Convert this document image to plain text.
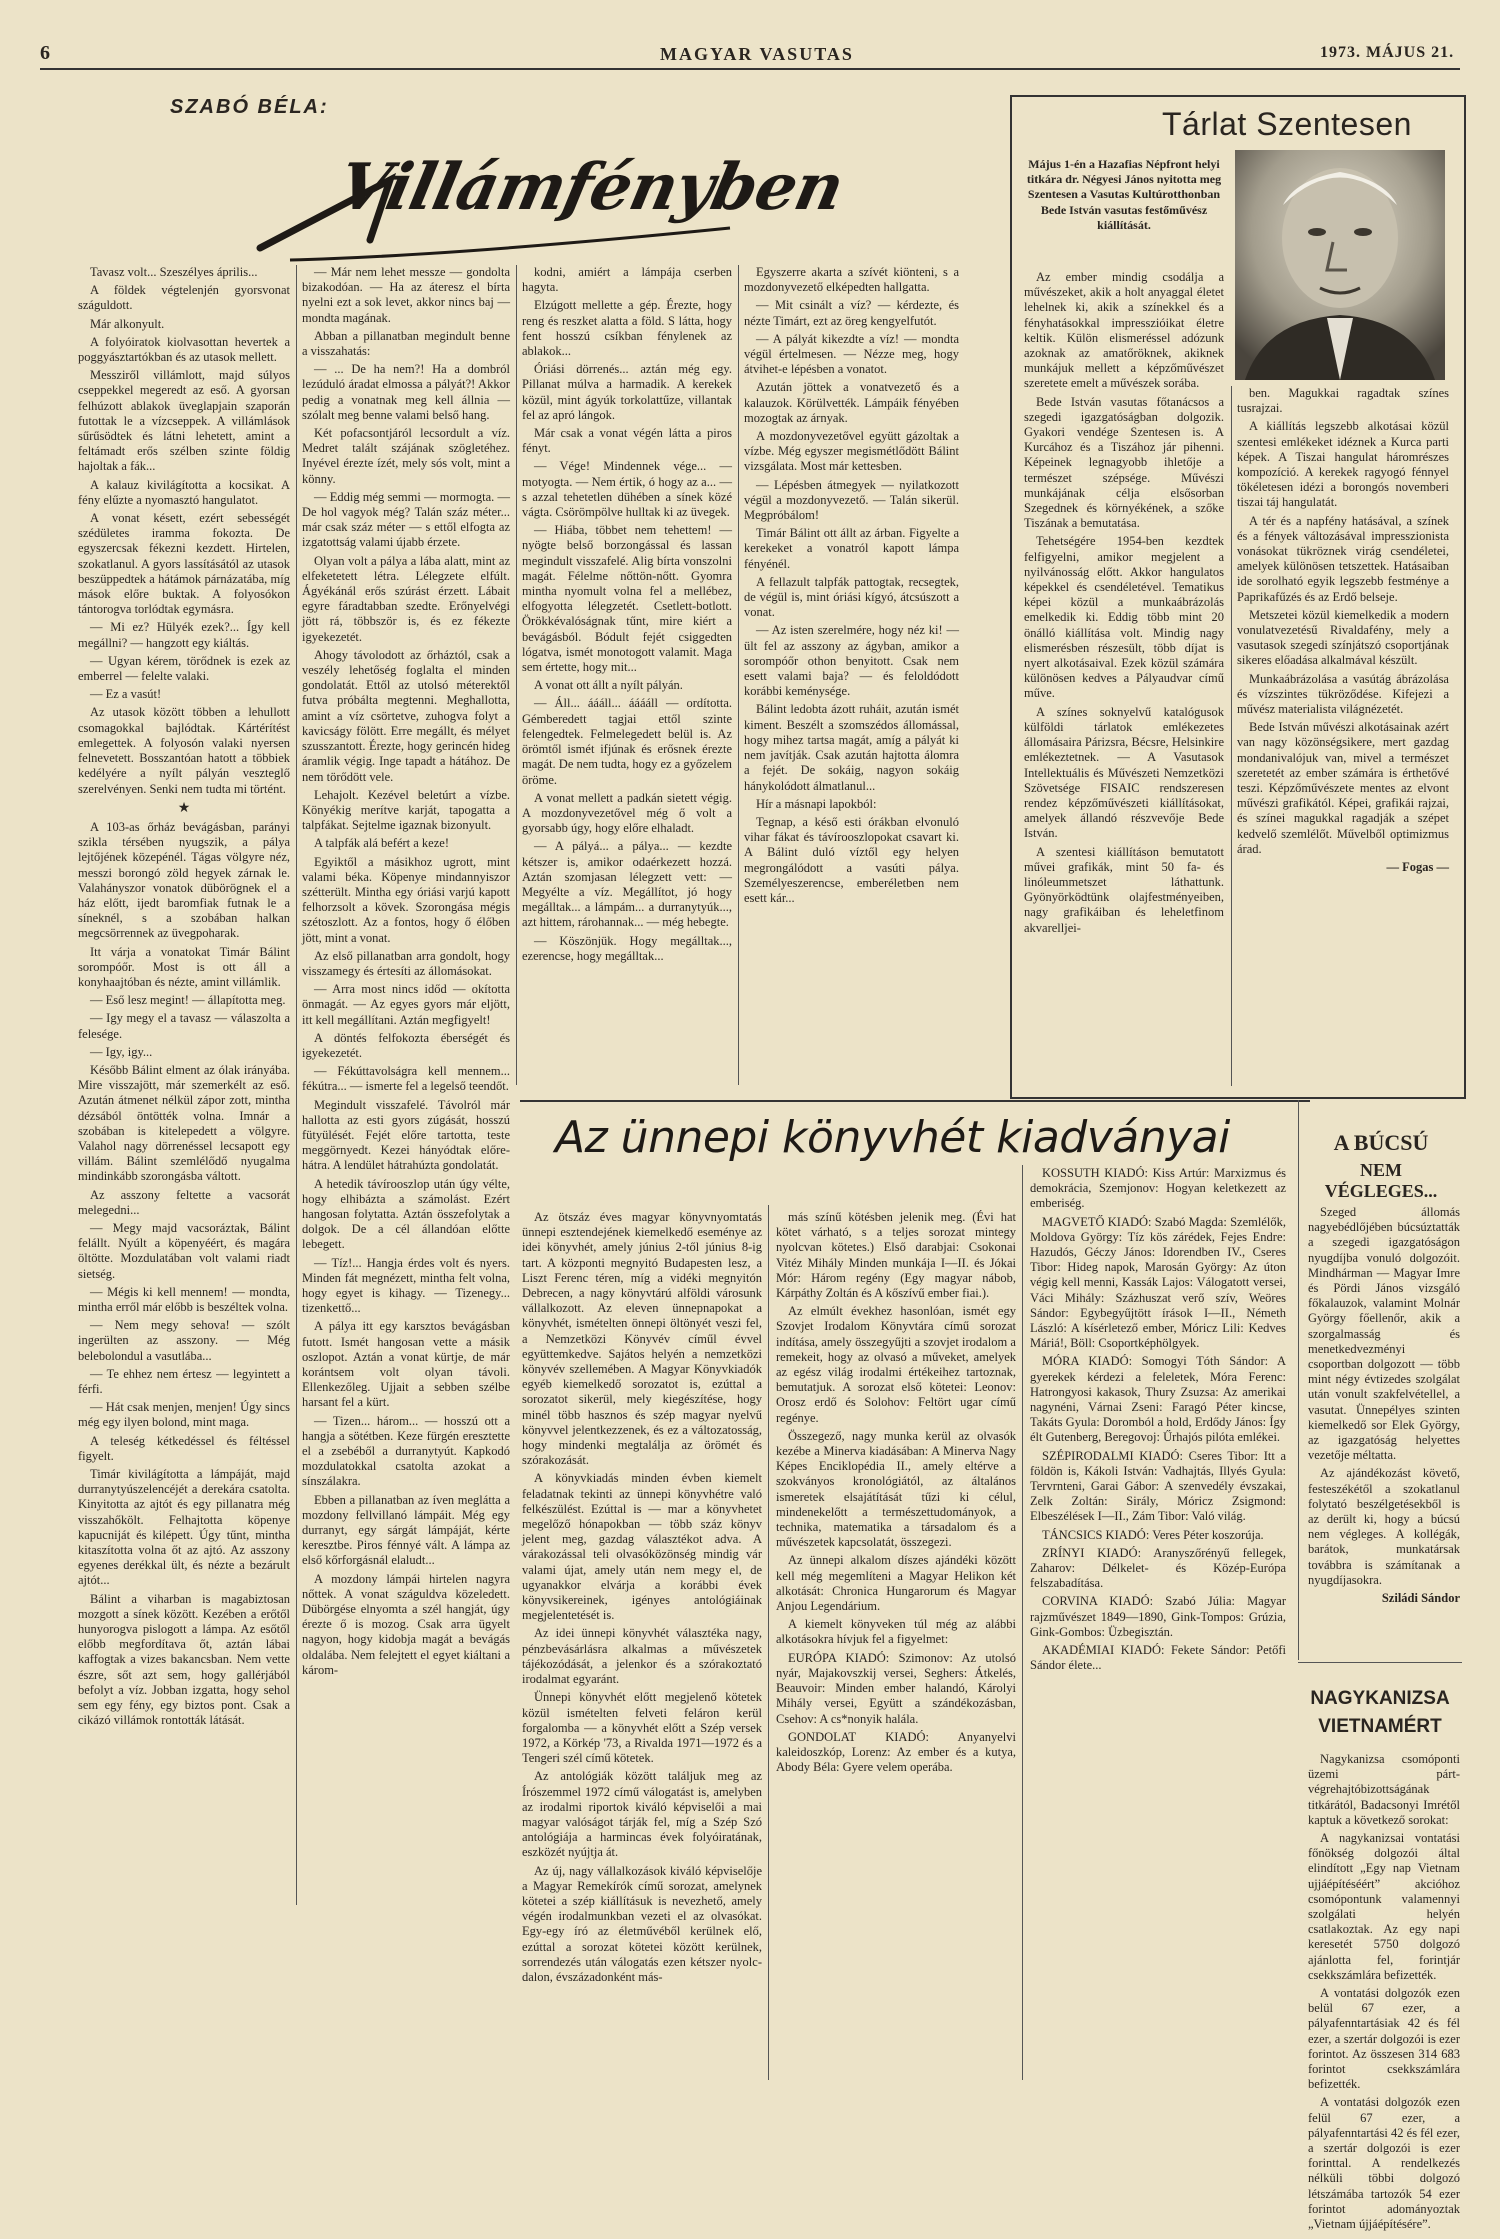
6	MAGYAR VASUTAS	1973. MÁJUS 21.
SZABÓ BÉLA:
Villámfényben

Tavasz volt... Szeszélyes április...

A földek végtelenjén gyorsvonat száguldott.

Már alkonyult.

A folyóiratok kiolvasottan hevertek a poggyásztartókban és az utasok mellett.

Messziről villámlott, majd súlyos cseppekkel megeredt az eső. A gyorsan felhúzott ablakok üveglapjain szaporán futottak le a vízcseppek. A villámlások sűrűsödtek és látni lehetett, amint a feltámadt erős szélben szinte földig hajoltak a fák...

A kalauz kivilágította a kocsikat. A fény elűzte a nyomasztó hangulatot.

A vonat késett, ezért sebességét szédületes iramma fokozta. De egyszercsak fékezni kezdett. Hirtelen, szokatlanul. A gyors lassításától az utasok beszüppedtek a hátámok párnázatába, míg mások előre buktak. A folyosókon tántorogva torlódtak egymásra.

— Mi ez? Hülyék ezek?... Így kell megállni? — hangzott egy kiáltás.

— Ugyan kérem, törődnek is ezek az emberrel — felelte valaki.

— Ez a vasút!

Az utasok között többen a lehullott csomagokkal bajlódtak. Kártérítést emlegettek. A folyosón valaki nyersen felnevetett. Bosszantóan hatott a többiek kedélyére a nyílt pályán veszteglő szerelvényen. Senki nem tudta mi történt.

★

A 103-as őrház bevágásban, parányi szikla térsében nyugszik, a pálya lejtőjének közepénél. Tágas völgyre néz, messzi borongó zöld hegyek zárnak le. Valahányszor vonatok dübörögnek el a ház előtt, ijedt baromfiak futnak le a síneknél, s a szobában halkan megcsörrennek az üvegpoharak.

Itt várja a vonatokat Timár Bálint sorompóőr. Most is ott áll a konyhaajtóban és nézte, amint villámlik.

— Eső lesz megint! — állapította meg.

— Igy megy el a tavasz — válaszolta a felesége.

— Igy, igy...

Később Bálint elment az ólak irányába. Mire visszajött, már szemerkélt az eső. Azután átmenet nélkül zápor zott, mintha dézsából öntötték volna. Imnár a szobában is kitelepedett a völgyre. Valahol nagy dörrenéssel lecsapott egy villám. Bálint szemlélődő nyugalma mindinkább szorongásba váltott.

Az asszony feltette a vacsorát melegedni...

— Megy majd vacsoráztak, Bálint felállt. Nyúlt a köpenyéért, és magára öltötte. Mozdulatában volt valami riadt sietség.

— Mégis ki kell mennem! — mondta, mintha erről már előbb is beszéltek volna.

— Nem megy sehova! — szólt ingerülten az asszony. — Még belebolondul a vasutlába...

— Te ehhez nem értesz — legyintett a férfi.

— Hát csak menjen, menjen! Úgy sincs még egy ilyen bolond, mint maga.

A teleség kétkedéssel és féltéssel figyelt.

Timár kivilágította a lámpáját, majd durranytyúszelencéjét a derekára csatolta. Kinyitotta az ajtót és egy pillanatra még visszahőkölt. Felhajtotta köpenye kapucniját és kilépett. Úgy tűnt, mintha kitaszította volna őt az ajtó. Az asszony egyenes derékkal ült, és nézte a bezárult ajtót...

Bálint a viharban is magabiztosan mozgott a sínek között. Kezében a erőtől hunyorogva pislogott a lámpa. Az esőtől előbb megfordítava őt, aztán lábai kaffogtak a vizes bakancsban. Nem vette észre, sőt azt sem, hogy gallérjából befolyt a víz. Jobban izgatta, hogy sehol sem egy fény, egy biztos pont. Csak a cikázó villámok rontották látását.

— Már nem lehet messze — gondolta bizakodóan. — Ha az áteresz el bírta nyelni ezt a sok levet, akkor nincs baj — mondta magának.

Abban a pillanatban megindult benne a visszahatás:

— ... De ha nem?! Ha a dombról lezúduló áradat elmossa a pályát?! Akkor pedig a vonatnak meg kell állnia — szólalt meg benne valami belső hang.

Két pofacsontjáról lecsordult a víz. Medret talált szájának szögletéhez. Inyével érezte ízét, mely sós volt, mint a könny.

— Eddig még semmi — mormogta. — De hol vagyok még? Talán száz méter... már csak száz méter — s ettől elfogta az izgatottság valami újabb érzete.

Olyan volt a pálya a lába alatt, mint az elfeketetett létra. Lélegzete elfúlt. Ágyékánál erős szúrást érzett. Lábait egyre fáradtabban szedte. Erőnyelvégi jött rá, többször is, és ez fékezte igyekezetét.

Ahogy távolodott az őrháztól, csak a veszély lehetőség foglalta el minden gondolatát. Ettől az utolsó méterektől futva próbálta megtenni. Meghallotta, amint a víz csörtetve, zuhogva folyt a kavicságy fölött. Erre megállt, és mélyet szusszantott. Érezte, hogy gerincén hideg áramlik végig. Inge tapadt a hátához. De nem törődött vele.

Lehajolt. Kezével beletúrt a vízbe. Könyékig merítve karját, tapogatta a talpfákat. Sejtelme igaznak bizonyult.

A talpfák alá befért a keze!

Egyiktől a másikhoz ugrott, mint valami béka. Köpenye mindannyiszor szétterült. Mintha egy óriási varjú kapott felhorzsolt a kövek. Szorongása mégis szétoszlott. Az a fontos, hogy ő élőben jött, mint a vonat.

Az első pillanatban arra gondolt, hogy visszamegy és értesíti az állomásokat.

— Arra most nincs időd — okította önmagát. — Az egyes gyors már eljött, itt kell megállítani. Aztán megfigyelt!

A döntés felfokozta éberségét és igyekezetét.

— Fékúttavolságra kell mennem... fékútra... — ismerte fel a legelső teendőt.

Megindult visszafelé. Távolról már hallotta az esti gyors zúgását, hosszú fütyülését. Fejét előre tartotta, teste meggörnyedt. Kezei hányódtak előre-hátra. A lendület hátrahúzta gondolatát.

A hetedik távírooszlop után úgy vélte, hogy elhibázta a számolást. Ezért hangosan folytatta. Aztán összefolytak a dolgok. De a cél állandóan előtte lebegett.

— Tíz!... Hangja érdes volt és nyers. Minden fát megnézett, mintha felt volna, hogy egyet is kihagy. — Tizenegy... tizenkettő...

A pálya itt egy karsztos bevágásban futott. Ismét hangosan vette a másik oszlopot. Aztán a vonat kürtje, de már korántsem volt olyan távoli. Ellenkezőleg. Ujjait a sebben szélbe harsant fel a kürt.

— Tizen... három... — hosszú ott a hangja a sötétben. Keze fürgén eresztette el a zsebéből a durranytyút. Kapkodó mozdulatokkal csatolta azokat a sínszálakra.

Ebben a pillanatban az íven meglátta a mozdony fellvillanó lámpáit. Még egy durranyt, egy sárgát lámpáját, kérte keresztbe. Piros fénnyé vált. A lámpa az első kőrforgásnál elaludt...

A mozdony lámpái hirtelen nagyra nőttek. A vonat száguldva közeledett. Dübörgése elnyomta a szél hangját, úgy érezte ő is mozog. Csak arra ügyelt nagyon, hogy kidobja magát a bevágás oldalába. Nem felejtett el egyet kiáltani a károm-

kodni, amiért a lámpája cserben hagyta.

Elzúgott mellette a gép. Érezte, hogy reng és reszket alatta a föld. S látta, hogy fent hosszú csíkban fénylenek az ablakok...

Óriási dörrenés... aztán még egy. Pillanat múlva a harmadik. A kerekek közül, mint ágyúk torkolattűze, villantak fel az apró lángok.

Már csak a vonat végén látta a piros fényt.

— Vége! Mindennek vége... — motyogta. — Nem értik, ó hogy az a... — s azzal tehetetlen dühében a sínek közé vágta. Csörömpölve hulltak ki az üvegek.

— Hiába, többet nem tehettem! — nyögte belső borzongással és lassan megindult visszafelé. Alig bírta vonszolni magát. Félelme nőttön-nőtt. Gyomra mintha nyomult volna fel a mellébez, elfogyotta lélegzetét. Csetlett-botlott. Örökkévalóságnak tűnt, mire kiért a bevágásból. Bódult fejét csiggedten lógatva, ismét monotogott valamit. Maga sem értette, hogy mit...

A vonat ott állt a nyílt pályán.

— Áll... áááll... ááááll — ordította. Gémberedett tagjai ettől szinte felengedtek. Felmelegedett belül is. Az örömtől ismét ifjúnak és erősnek érezte magát. De nem tudta, hogy ez a győzelem öröme.

A vonat mellett a padkán sietett végig. A mozdonyvezetővel még ő volt a gyorsabb úgy, hogy előre elhaladt.

— A pályá... a pálya... — kezdte kétszer is, amikor odaérkezett hozzá. Aztán szomjasan lélegzett vett: — Megyélte a víz. Megállítot, jó hogy megálltak... a lámpám... a durranytyúk..., azt hittem, rárohannak... — még hebegte.

— Köszönjük. Hogy megálltak..., ezerencse, hogy megálltak...

Egyszerre akarta a szívét kiönteni, s a mozdonyvezető elképedten hallgatta.

— Mit csinált a víz? — kérdezte, és nézte Timárt, ezt az öreg kengyelfutót.

— A pályát kikezdte a víz! — mondta végül értelmesen. — Nézze meg, hogy átvihet-e lépésben a vonatot.

Azután jöttek a vonatvezető és a kalauzok. Körülvették. Lámpáik fényében mozogtak az árnyak.

A mozdonyvezetővel együtt gázoltak a vízbe. Még egyszer megismétlődött Bálint vizsgálata. Most már kettesben.

— Lépésben átmegyek — nyilatkozott végül a mozdonyvezető. — Talán sikerül. Megpróbálom!

Timár Bálint ott állt az árban. Figyelte a kerekeket a vonatról kapott lámpa fényénél.

A fellazult talpfák pattogtak, recsegtek, de végül is, mint óriási kígyó, átcsúszott a vonat.

— Az isten szerelmére, hogy néz ki! — ült fel az asszony az ágyban, amikor a sorompóőr othon benyitott. Csak nem esett valami baja? — és feloldódott korábbi keménysége.

Bálint ledobta ázott ruháit, azután ismét kiment. Beszélt a szomszédos állomással, hogy mihez tartsa magát, amíg a pályát ki nem javítják. Csak azután hajtotta álomra a fejét. De sokáig, nagyon sokáig hánykolódott álmatlanul...

Hír a másnapi lapokból:

Tegnap, a késő esti órákban elvonuló vihar fákat és távírooszlopokat csavart ki. A Bálint duló víztől egy helyen megrongálódott a vasúti pálya. Személyeszerencse, emberéletben nem esett kár...

Tárlat Szentesen
Május 1-én a Hazafias Népfront helyi titkára dr. Négyesi János nyitotta meg Szentesen a Vasutas Kultúrotthonban Bede István vasutas festőművész kiállítását.

Az ember mindig csodálja a művészeket, akik a holt anyaggal életet lehelnek ki, akik a színekkel és a fényhatásokkal impresszióikat életre keltik. Külön elismeréssel adózunk azoknak az amatőröknek, akiknek munkájuk mellett a képzőművészet szeretete emelt a művészek sorába.

Bede István vasutas főtanácsos a szegedi igazgatóságban dolgozik. Gyakori vendége Szentesen is. A Kurcához és a Tiszához jár pihenni. Képeinek legnagyobb ihletője a természet szépsége. Művészi munkájának célja elsősorban Szegednek és környékének, a szőke Tiszának a bemutatása.

Tehetségére 1954-ben kezdtek felfigyelni, amikor megjelent a nyilvánosság előtt. Akkor hangulatos képekkel és csendéletével. Tematikus képei közül a munkaábrázolás emelkedik ki. Eddig több mint 20 önálló kiállítása volt. Mindig nagy elismerésben részesült, több díjat is nyert alkotásaival. Ezek közül számára különösen kedves a Pályaudvar című műve.

A színes soknyelvű katalógusok külföldi tárlatok emlékezetes állomásaira Párizsra, Bécsre, Helsinkire emlékeztetnek. — A Vasutasok Intellektuális és Művészeti Nemzetközi Szövetsége FISAIC rendszeresen rendez képzőművészeti kiállításokat, amelyek állandó részvevője Bede István.

A szentesi kiállításon bemutatott művei grafikák, mint 50 fa- és linóleummetszet láthattunk. Gyönyörködtünk olajfestményeiben, nagy grafikáiban és leheletfinom akvarelljei-

ben. Magukkai ragadtak színes tusrajzai.

A kiállítás legszebb alkotásai közül szentesi emlékeket idéznek a Kurca parti képek. A Tiszai hangulat háromrészes kompozíció. A kerekek ragyogó fénnyel tökéletesen idézi a borongós novemberi tiszai táj hangulatát.

A tér és a napfény hatásával, a színek és a fények változásával impresszionista vonásokat tükröznek virág csendéletei, amelyek különösen tetszettek. Hatásaiban ide sorolható egyik legszebb festménye a Paprikafűzés és az Erdő belseje.

Metszetei közül kiemelkedik a modern vonulatvezetésű Rivaldafény, mely a vasutasok szegedi színjátszó csoportjának sikeres előadása alkalmával készült.

Munkaábrázolása a vasútág ábrázolása és vízszintes tükröződése. Kifejezi a művész materialista világnézetét.

Bede István művészi alkotásainak azért van nagy közönségsikere, mert gazdag mondanivalójuk van, mivel a természet szeretetét az ember számára is érthetővé teszi. Képzőművészete mentes az elvont művészi grafikától. Képei, grafikái rajzai, és színei magukkal ragadják a szépet kedvelő szemlélőt. Művelből optimizmus árad.

— Fogas —

Az ünnepi könyvhét kiadványai

Az ötszáz éves magyar könyvnyomtatás ünnepi esztendejének kiemelkedő eseménye az idei könyvhét, amely június 2-től június 8-ig tart. A központi megnyitó Budapesten lesz, a Liszt Ferenc téren, míg a vidéki megnyitón Debrecen, a nagy könyvtárú alföldi városunk vállalkozott. Az eleven ünnepnapokat a könyvhét, ismételten önnepi öltönyét veszi fel, a Nemzetközi Könyvév címűl évvel együttemkedve. Sajátos helyén a nemzetközi könyvév szellemében. A Magyar Könyvkiadók egyéb kiemelkedő sorozatot is, ezúttal a sorozatot sikerül, mely kiegészítése, hogy minél több hasznos és szép magyar nyelvű könyvvel jelentkezzenek, és ez a változatosság, hogy mindenki megtalálja az örömét és szórakozását.

A könyvkiadás minden évben kiemelt feladatnak tekinti az ünnepi könyvhétre való felkészülést. Ezúttal is — mar a könyvhetet megelőző hónapokban — több száz könyv jelent meg, gazdag választékot adva. A várakozással teli olvasóközönség mindig vár valami újat, amely után nem megy el, de ugyanakkor elvárja a korábbi évek könyvsikereinek, igényes antológiáinak megjelentetését is.

Az idei ünnepi könyvhét választéka nagy, pénzbevásárlásra alkalmas a művészetek tájékozódását, a jelenkor és a szórakoztató irodalmat egyaránt.

Ünnepi könyvhét előtt megjelenő kötetek közül ismételten felveti feláron kerül forgalomba — a könyvhét előtt a Szép versek 1972, a Körkép '73, a Rivalda 1971—1972 és a Tengeri szél című kötetek.

Az antológiák között találjuk meg az Írószemmel 1972 című válogatást is, amelyben az irodalmi riportok kiváló képviselői a mai magyar valóságot tárják fel, míg a Szép Szó antológiája a harmincas évek folyóiratának, eszközét nyújtja át.

Az új, nagy vállalkozások kiváló képviselője a Magyar Remekírók című sorozat, amelynek kötetei a szép kiállításuk is nevezhető, amely végén irodalmunkban vezeti el az olvasókat. Egy-egy író az életművéből kerülnek elő, ezúttal a sorozat kötetei között kerülnek, sorrendezés után válogatás ezen kétszer nyolc-dalon, évszázadonként más-

más színű kötésben jelenik meg. (Évi hat kötet várható, s a teljes sorozat mintegy nyolcvan kötetes.) Első darabjai: Csokonai Vitéz Mihály Minden munkája I—II. és Jókai Mór: Három regény (Egy magyar nábob, Kárpáthy Zoltán és A kőszívű ember fiai.).

Az elmúlt évekhez hasonlóan, ismét egy Szovjet Irodalom Könyvtára című sorozat indítása, amely összegyűjti a szovjet irodalom a remekeit, hogy az olvasó a műveket, amelyek az egész világ irodalmi értékeihez tartoznak, bemutatjuk. A sorozat első kötetei: Leonov: Orosz erdő és Solohov: Feltört ugar című regénye.

Összegező, nagy munka kerül az olvasók kezébe a Minerva kiadásában: A Minerva Nagy Képes Enciklopédia II., amely eltérve a szokványos kronológiától, az általános ismeretek elsajátítását tűzi ki célul, mindenekelőtt a természettudományok, a technika, matematika a társadalom és a művészetek kapcsolatát, összegezi.

Az ünnepi alkalom díszes ajándéki között kell még megemlíteni a Magyar Helikon két alkotását: Chronica Hungarorum és Magyar Anjou Legendárium.

A kiemelt könyveken túl még az alábbi alkotásokra hívjuk fel a figyelmet:

EURÓPA KIADÓ: Szimonov: Az utolsó nyár, Majakovszkij versei, Seghers: Átkelés, Beauvoir: Minden ember halandó, Károlyi Mihály versei, Együtt a szándékozásban, Csehov: A cs*nonyik halála.

GONDOLAT KIADÓ: Anyanyelvi kaleidoszkóp, Lorenz: Az ember és a kutya, Abody Béla: Gyere velem operába.

KOSSUTH KIADÓ: Kiss Artúr: Marxizmus és demokrácia, Szemjonov: Hogyan keletkezett az emberiség.

MAGVETŐ KIADÓ: Szabó Magda: Szemlélők, Moldova György: Tíz kös zárédek, Fejes Endre: Hazudós, Géczy János: Idorendben IV., Cseres Tibor: Hideg napok, Marosán György: Az úton végig kell menni, Kassák Lajos: Válogatott versei, Váci Mihály: Százhuszat verő szív, Weöres Sándor: Egybegyűjtött írások I—II., Németh László: A kísérletező ember, Móricz Lili: Kedves Máriá!, Böll: Csoportképhölgyek.

MÓRA KIADÓ: Somogyi Tóth Sándor: A gyerekek kérdezi a feleletek, Móra Ferenc: Hatrongyosi kakasok, Thury Zsuzsa: Az amerikai nagynéni, Várnai Zseni: Faragó Péter kincse, Takáts Gyula: Doromból a hold, Erdődy János: Így élt Gutenberg, Beregovoj: Űrhajós pilóta emlékei.

SZÉPIRODALMI KIADÓ: Cseres Tibor: Itt a földön is, Kákoli István: Vadhajtás, Illyés Gyula: Tervrnteni, Garai Gábor: A szenvedély évszakai, Zelk Zoltán: Sirály, Móricz Zsigmond: Elbeszélések I—II., Zám Tibor: Való világ.

TÁNCSICS KIADÓ: Veres Péter koszorúja.

ZRÍNYI KIADÓ: Aranyszőrényű fellegek, Zaharov: Délkelet- és Közép-Európa felszabadítása.

CORVINA KIADÓ: Szabó Júlia: Magyar rajzművészet 1849—1890, Gink-Tompos: Grúzia, Gink-Gombos: Üzbegisztán.

AKADÉMIAI KIADÓ: Fekete Sándor: Petőfi Sándor élete...

A BÚCSÚ
NEM VÉGLEGES...

Szeged állomás nagyebédlőjében búcsúztatták a szegedi igazgatóságon nyugdíjba vonuló dolgozóit. Mindhárman — Magyar Imre és Pördi János vizsgáló főkalauzok, valamint Molnár György főellenőr, akik a szorgalmasság és menetkedvezményi csoportban dolgozott — több mint négy évtizedes szolgálat után vonult szakfelvétellel, a vasutat. Ünnepélyes szinten kiemelkedő sor Elek György, az igazgatóság helyettes vezetője méltatta.

Az ajándékozást követő, festeszékétől a szokatlanul folytató beszélgetésekből is az derült ki, hogy a búcsú nem végleges. A kollégák, barátok, munkatársak továbbra is számítanak a nyugdíjasokra.

Sziládi Sándor

NAGYKANIZSA
VIETNAMÉRT

Nagykanizsa csomóponti üzemi párt-végrehajtóbizottságának titkárától, Badacsonyi Imrétől kaptuk a következő sorokat:

A nagykanizsai vontatási főnökség dolgozói által elindított „Egy nap Vietnam ujjáépítéséért” akcióhoz csomópontunk valamennyi szolgálati helyén csatlakoztak. Az egy napi keresetét 5750 dolgozó ajánlotta fel, forintjár csekkszámlára befizették.

A vontatási dolgozók ezen belül 67 ezer, a pályafenntartásiak 42 és fél ezer, a szertár dolgozói is ezer forintot. Az összesen 314 683 forintot csekkszámlára befizették.

A vontatási dolgozók ezen felül 67 ezer, a pályafenntartási 42 és fél ezer, a szertár dolgozói is ezer forinttal. A rendelkezés nélküli többi dolgozó létszámába tartozók 54 ezer forintot adományoztak „Vietnam újjáépítésére”.
